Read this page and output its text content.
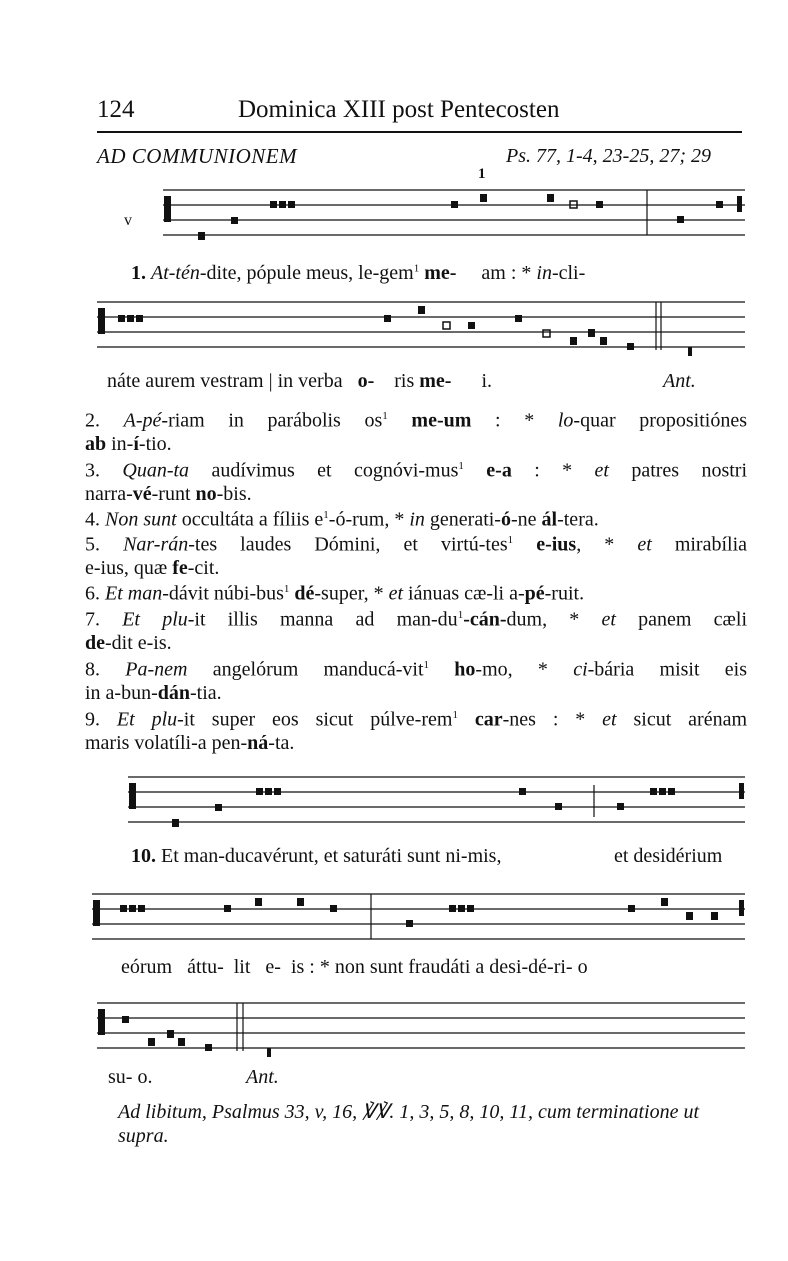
124	Dominica XIII post Pentecosten
AD COMMUNIONEM	Ps. 77, 1-4, 23-25, 27; 29
1
v
1. At-tén-dite, pópule meus, le-gem$^1$ me- am : * in-cli-
náte aurem vestram | in verba o- ris me- i.	Ant.
2. A-pé-riam in parábolis $os^1$ me-um : * lo-quar propositiónes
ab in-í-tio.
3. Quan-ta audívimus et cognóvi-mus$^1$ e-a : * et patres nostri
narra-vé-runt no-bis.
4. Non sunt occultáta a fíliis $e^1-ó$-rum, * in generati-ó-ne ál-tera.
5. Nar-rán-tes laudes Dómini, et virtú-tes$^1$ e-ius, * et mirabília
e-ius, quæ fe-cit.
6. Et man-dávit núbi-bus$^1$ dé-super, * et iánuas cæ-li a-pé-ruit.
7. Et plu-it illis manna ad man-$du^1-cán$-dum, * et panem cæli
de-dit e-is.
8. Pa-nem angelórum manducá-vit$^1$ ho-mo, * ci-bária misit eis
in a-bun-dán-tia.
9. Et plu-it super eos sicut púlve-rem$^1$ car-nes : * et sicut arénam
maris volatíli-a pen-ná-ta.
10. Et man-ducavérunt, et saturáti sunt ni-mis,	et desidérium
eórum áttu- lit e- is : * non sunt fraudáti a desi-dé-ri- o
su- o.	Ant.
Ad libitum, Psalmus 33, v, 16, ℣℣. 1, 3, 5, 8, 10, 11, cum terminatione ut supra.
